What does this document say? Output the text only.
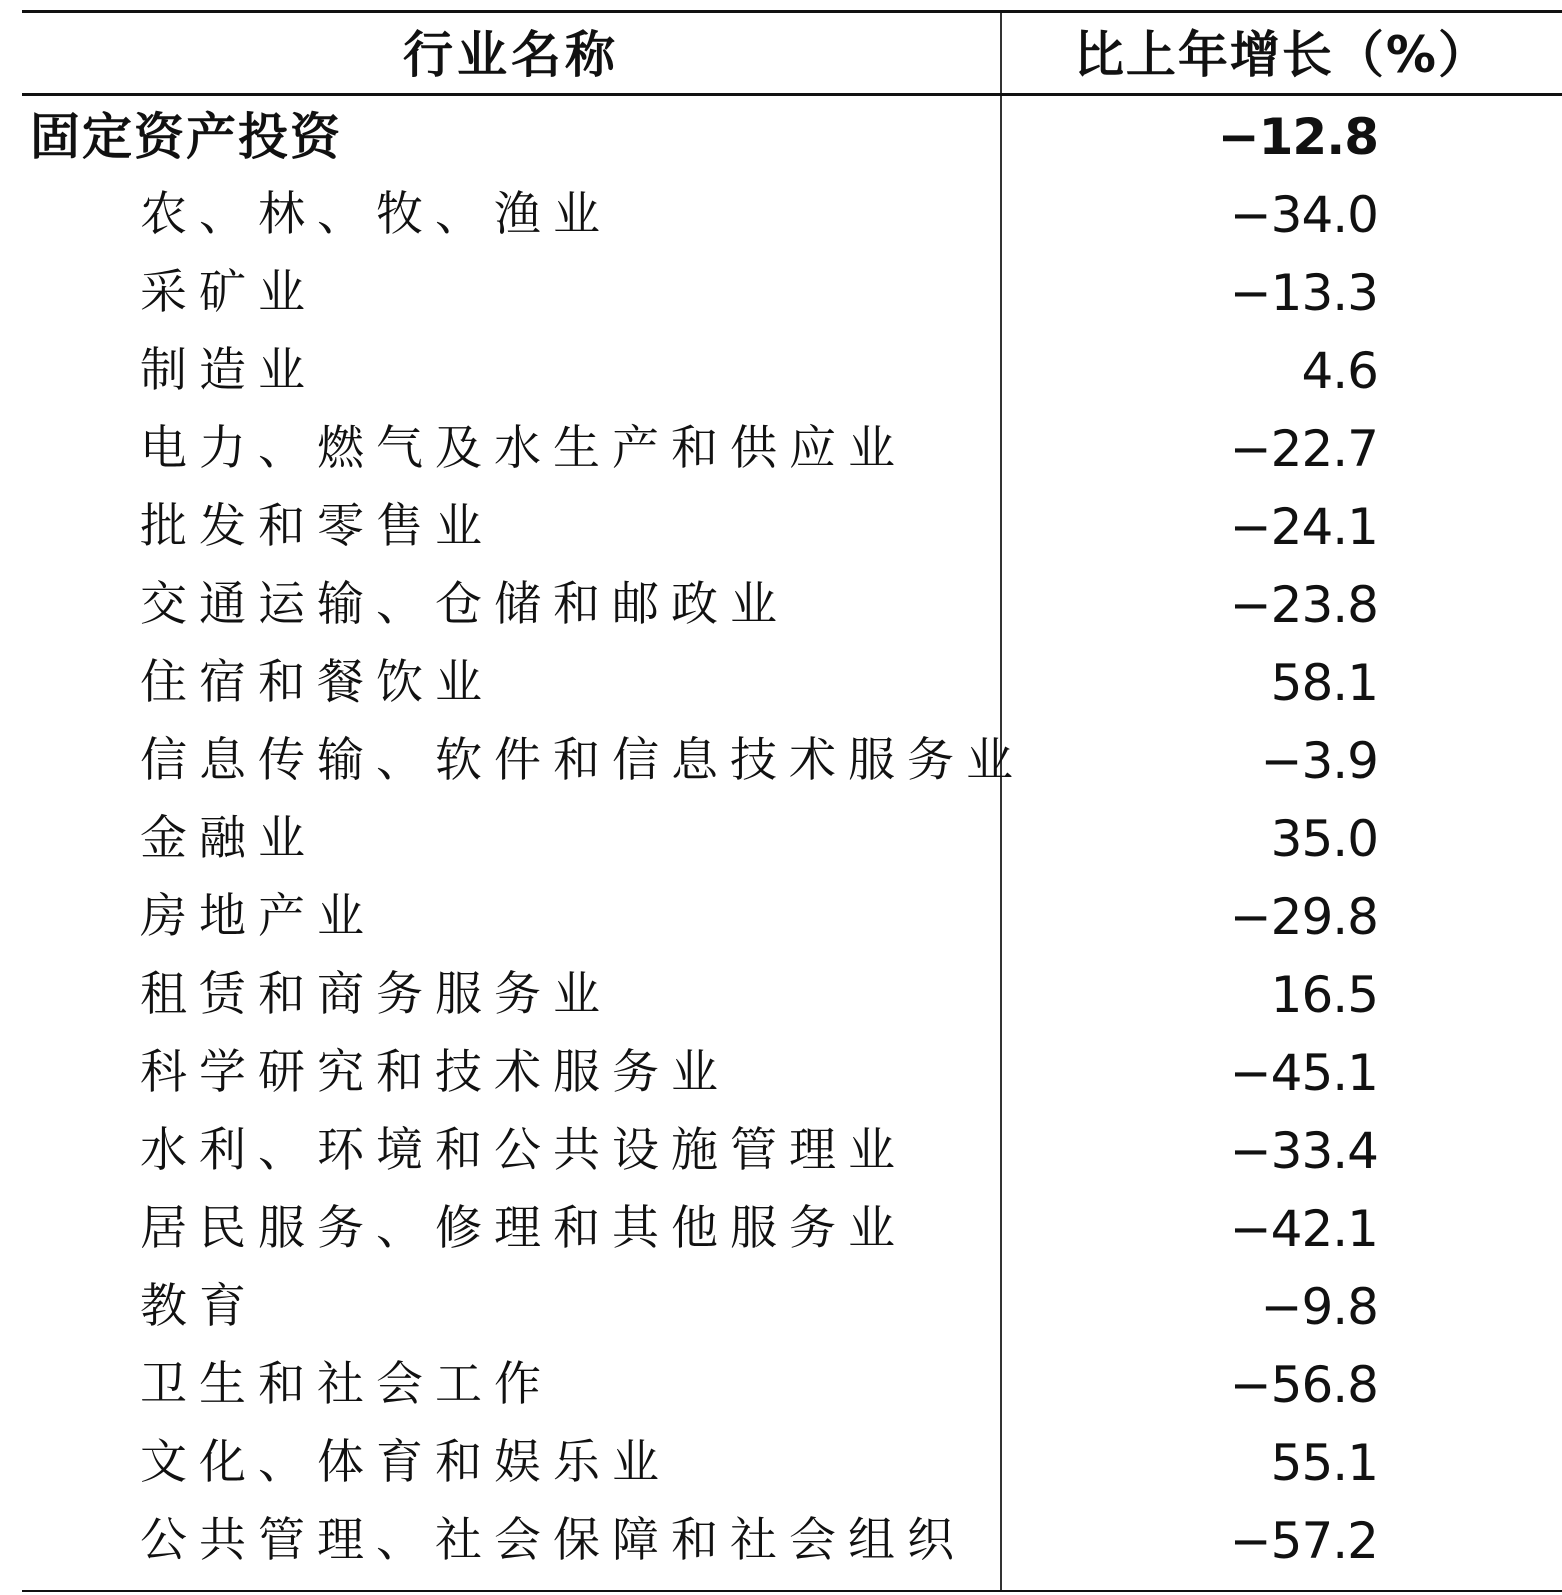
行业名称	比上年增长（%）
固定资产投资	−12.8
农、林、牧、渔业	−34.0
采矿业	−13.3
制造业	4.6
电力、燃气及水生产和供应业	−22.7
批发和零售业	−24.1
交通运输、仓储和邮政业	−23.8
住宿和餐饮业	58.1
信息传输、软件和信息技术服务业	−3.9
金融业	35.0
房地产业	−29.8
租赁和商务服务业	16.5
科学研究和技术服务业	−45.1
水利、环境和公共设施管理业	−33.4
居民服务、修理和其他服务业	−42.1
教育	−9.8
卫生和社会工作	−56.8
文化、体育和娱乐业	55.1
公共管理、社会保障和社会组织	−57.2
